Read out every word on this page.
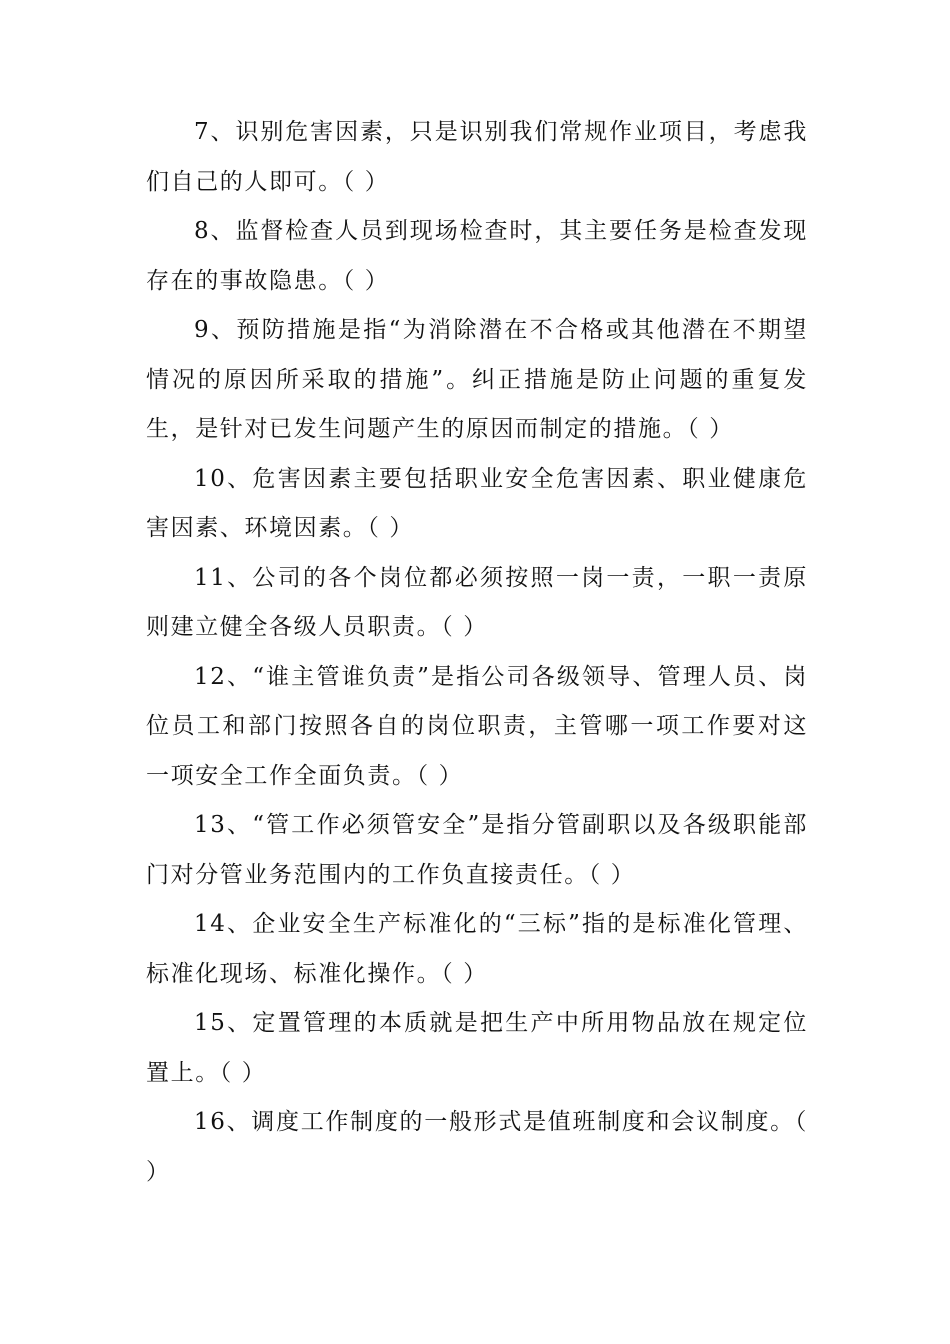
7、识别危害因素，只是识别我们常规作业项目，考虑我们自己的人即可。（ ）

8、监督检查人员到现场检查时，其主要任务是检查发现存在的事故隐患。（ ）

9、预防措施是指“为消除潜在不合格或其他潜在不期望情况的原因所采取的措施”。纠正措施是防止问题的重复发生，是针对已发生问题产生的原因而制定的措施。（ ）

10、危害因素主要包括职业安全危害因素、职业健康危害因素、环境因素。（ ）

11、公司的各个岗位都必须按照一岗一责，一职一责原则建立健全各级人员职责。（ ）

12、“谁主管谁负责”是指公司各级领导、管理人员、岗位员工和部门按照各自的岗位职责，主管哪一项工作要对这一项安全工作全面负责。（ ）

13、“管工作必须管安全”是指分管副职以及各级职能部门对分管业务范围内的工作负直接责任。（ ）

14、企业安全生产标准化的“三标”指的是标准化管理、标准化现场、标准化操作。（ ）

15、定置管理的本质就是把生产中所用物品放在规定位置上。（ ）

16、调度工作制度的一般形式是值班制度和会议制度。（ ）
